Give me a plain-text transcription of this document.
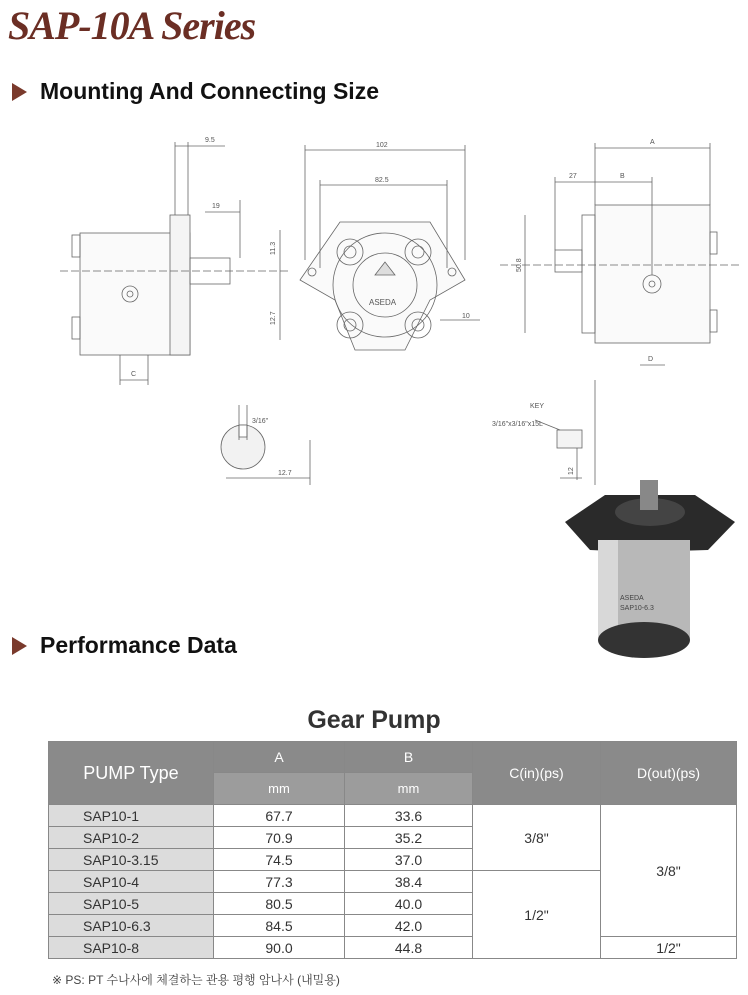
SAP-10A Series
Mounting And Connecting Size
Performance Data
9.5
19
11.3
12.7
C
102
82.5
10
ASEDA
A
27	B
50.8
D
3/16"
12.7
KEY
3/16"x3/16"x15L
12
ASEDA
SAP10-6.3
Gear Pump
PUMP Type	A	B	C(in)(ps)	D(out)(ps)
	mm	mm		
SAP10-1	67.7	33.6	3/8"	3/8"
SAP10-2	70.9	35.2		
SAP10-3.15	74.5	37.0		
SAP10-4	77.3	38.4	1/2"	
SAP10-5	80.5	40.0		
SAP10-6.3	84.5	42.0		
SAP10-8	90.0	44.8		1/2"
※ PS: PT 수나사에 체결하는 관용 평행 암나사 (내밀용)
